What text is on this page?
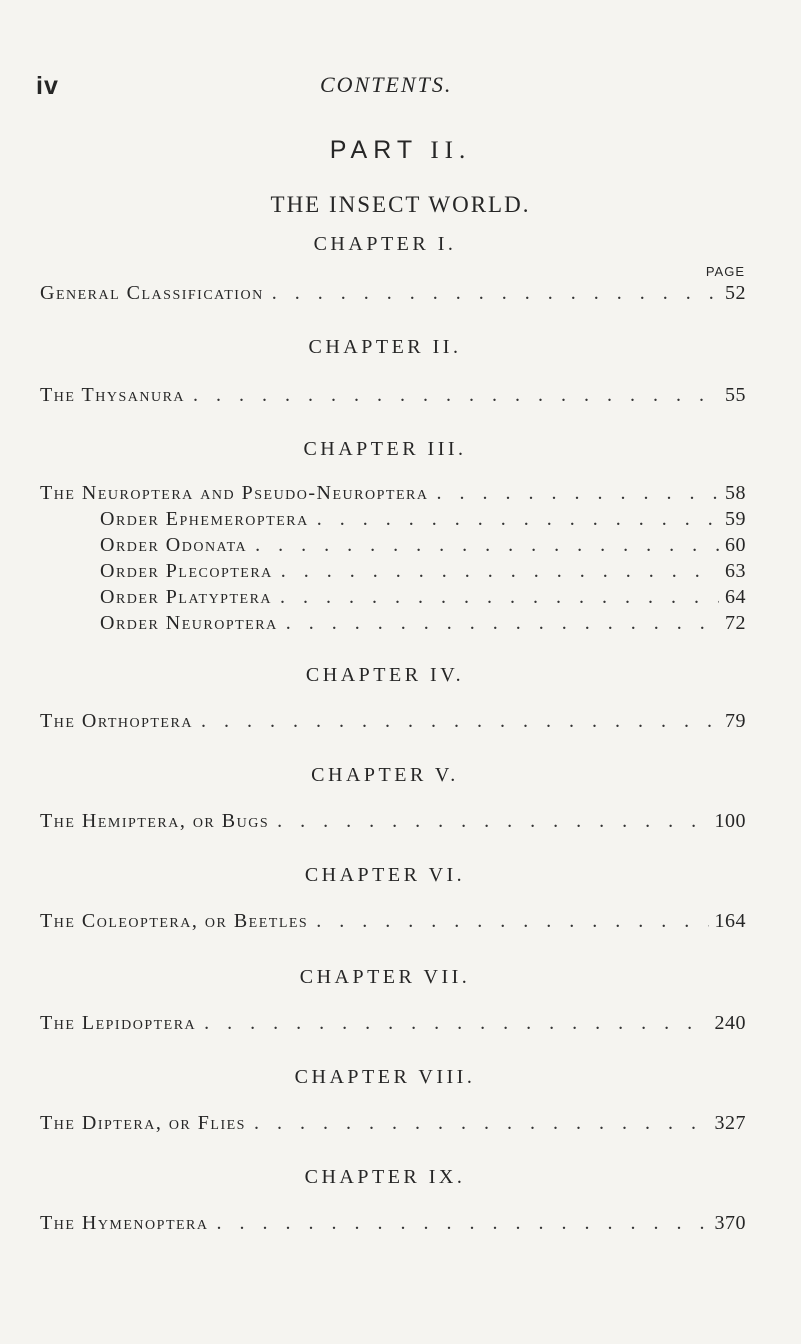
iv	CONTENTS.
PART II.
THE INSECT WORLD.
PAGE
CHAPTER I.
General Classification . . .	52
CHAPTER II.
The Thysanura . . .	55
CHAPTER III.
The Neuroptera and Pseudo-Neuroptera . . .	58
Order Ephemeroptera . . .	59
Order Odonata . . .	60
Order Plecoptera . . .	63
Order Platyptera . . .	64
Order Neuroptera . . .	72
CHAPTER IV.
The Orthoptera . . .	79
CHAPTER V.
The Hemiptera, or Bugs . . .	100
CHAPTER VI.
The Coleoptera, or Beetles . . .	164
CHAPTER VII.
The Lepidoptera . . .	240
CHAPTER VIII.
The Diptera, or Flies . . .	327
CHAPTER IX.
The Hymenoptera . . .	370
